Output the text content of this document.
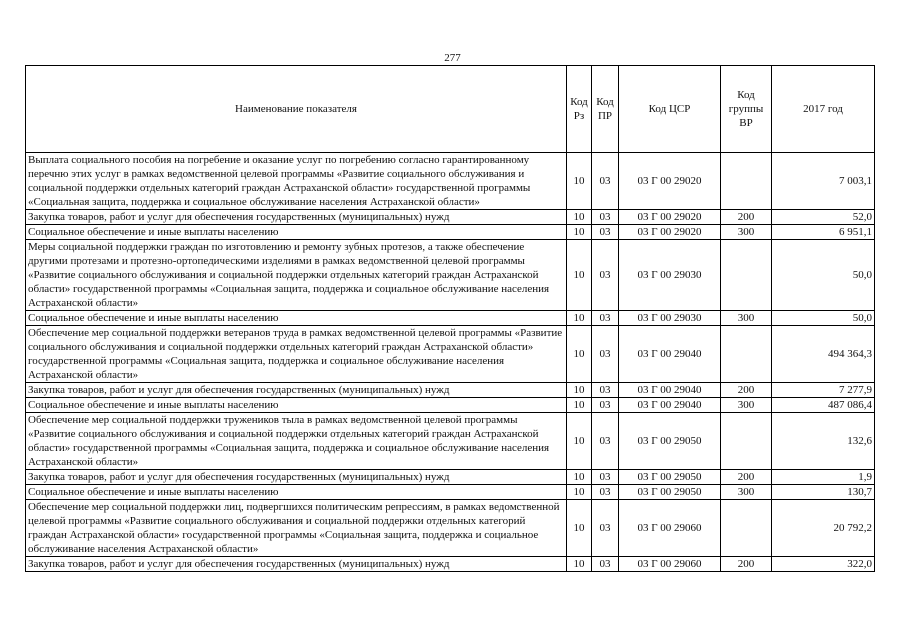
277
Наименование показателя	Код Рз	Код ПР	Код ЦСР	Код группы ВР	2017 год
Выплата социального пособия на погребение и оказание услуг по погребению согласно гарантированному перечню этих услуг в рамках ведомственной целевой программы «Развитие социального обслуживания и социальной поддержки отдельных категорий граждан Астраханской области» государственной программы «Социальная защита, поддержка и социальное обслуживание населения Астраханской области»	10	03	03 Г 00 29020		7 003,1
Закупка товаров, работ и услуг для обеспечения государственных (муниципальных) нужд	10	03	03 Г 00 29020	200	52,0
Социальное обеспечение и иные выплаты населению	10	03	03 Г 00 29020	300	6 951,1
Меры социальной поддержки граждан по изготовлению и ремонту зубных протезов, а также обеспечение другими протезами и протезно-ортопедическими изделиями в рамках ведомственной целевой программы «Развитие социального обслуживания и социальной поддержки отдельных категорий граждан Астраханской области» государственной программы «Социальная защита, поддержка и социальное обслуживание населения Астраханской области»	10	03	03 Г 00 29030		50,0
Социальное обеспечение и иные выплаты населению	10	03	03 Г 00 29030	300	50,0
Обеспечение мер социальной поддержки ветеранов труда в рамках ведомственной целевой программы «Развитие социального обслуживания и социальной поддержки отдельных категорий граждан Астраханской области» государственной программы «Социальная защита, поддержка и социальное обслуживание населения Астраханской области»	10	03	03 Г 00 29040		494 364,3
Закупка товаров, работ и услуг для обеспечения государственных (муниципальных) нужд	10	03	03 Г 00 29040	200	7 277,9
Социальное обеспечение и иные выплаты населению	10	03	03 Г 00 29040	300	487 086,4
Обеспечение мер социальной поддержки тружеников тыла в рамках ведомственной целевой программы «Развитие социального обслуживания и социальной поддержки отдельных категорий граждан Астраханской области» государственной программы «Социальная защита, поддержка и социальное обслуживание населения Астраханской области»	10	03	03 Г 00 29050		132,6
Закупка товаров, работ и услуг для обеспечения государственных (муниципальных) нужд	10	03	03 Г 00 29050	200	1,9
Социальное обеспечение и иные выплаты населению	10	03	03 Г 00 29050	300	130,7
Обеспечение мер социальной поддержки лиц, подвергшихся политическим репрессиям, в рамках ведомственной целевой программы «Развитие социального обслуживания и социальной поддержки отдельных категорий граждан Астраханской области» государственной программы «Социальная защита, поддержка и социальное обслуживание населения Астраханской области»	10	03	03 Г 00 29060		20 792,2
Закупка товаров, работ и услуг для обеспечения государственных (муниципальных) нужд	10	03	03 Г 00 29060	200	322,0
